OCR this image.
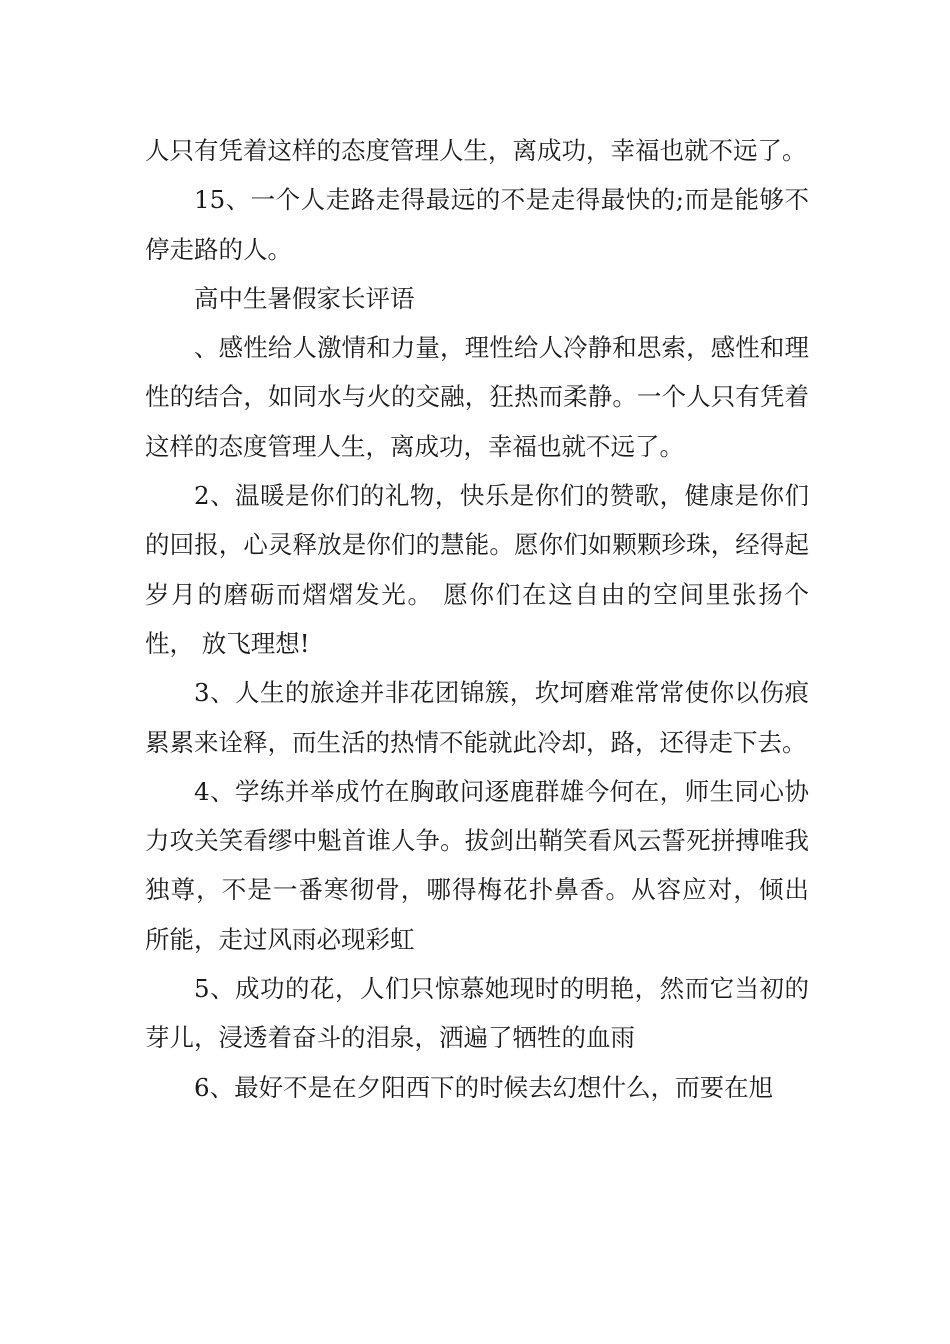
人只有凭着这样的态度管理人生，离成功，幸福也就不远了。

15、一个人走路走得最远的不是走得最快的;而是能够不停走路的人。

高中生暑假家长评语

、感性给人激情和力量，理性给人冷静和思索，感性和理性的结合，如同水与火的交融，狂热而柔静。一个人只有凭着这样的态度管理人生，离成功，幸福也就不远了。

2、温暖是你们的礼物，快乐是你们的赞歌，健康是你们的回报，心灵释放是你们的慧能。愿你们如颗颗珍珠，经得起岁月的磨砺而熠熠发光。 愿你们在这自由的空间里张扬个性， 放飞理想!

3、人生的旅途并非花团锦簇，坎坷磨难常常使你以伤痕累累来诠释，而生活的热情不能就此冷却，路，还得走下去。

4、学练并举成竹在胸敢问逐鹿群雄今何在，师生同心协力攻关笑看缪中魁首谁人争。拔剑出鞘笑看风云誓死拼搏唯我独尊，不是一番寒彻骨，哪得梅花扑鼻香。从容应对，倾出 所能，走过风雨必现彩虹

5、成功的花，人们只惊慕她现时的明艳，然而它当初的芽儿，浸透着奋斗的泪泉，洒遍了牺牲的血雨

6、最好不是在夕阳西下的时候去幻想什么，而要在旭
